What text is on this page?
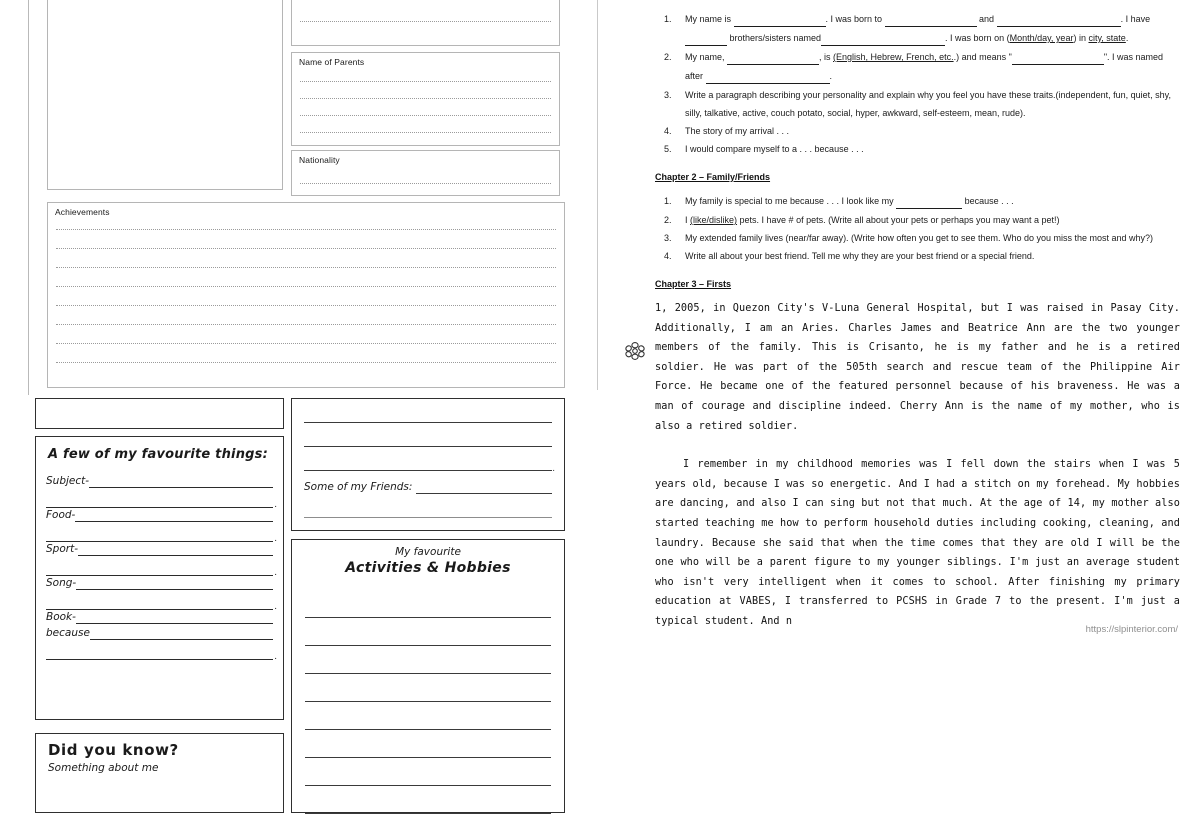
Name of Parents
Nationality
Achievements
A few of my favourite things:
Subject-
.
Food-
.
Sport-
.
Song-
.
Book-
because
.
Did you know?
Something about me
.
Some of my Friends:
.
My favourite
Activities & Hobbies
1.	My name is	. I was born to	and	. I have   brothers/sisters named	. I was born on (Month/day, year) in city, state.
2.	My name,	, is (English, Hebrew, French, etc..) and means "	". I was named after	.
3.	Write a paragraph describing your personality and explain why you feel you have these traits.(independent, fun, quiet, shy, silly, talkative, active, couch potato, social, hyper, awkward, self-esteem, mean, rude).
4.	The story of my arrival . . .
5.	I would compare myself to a . . . because . . .
Chapter 2 – Family/Friends
1.	My family is special to me because . . . I look like my	because . . .
2.	I (like/dislike) pets. I have # of pets. (Write all about your pets or perhaps you may want a pet!)
3.	My extended family lives (near/far away). (Write how often you get to see them. Who do you miss the most and why?)
4.	Write all about your best friend. Tell me why they are your best friend or a special friend.
Chapter 3 – Firsts

1, 2005, in Quezon City's V-Luna General Hospital, but I was raised in Pasay City. Additionally, I am an Aries. Charles James and Beatrice Ann are the two younger members of the family. This is Crisanto, he is my father and he is a retired soldier. He was part of the 505th search and rescue team of the Philippine Air Force. He became one of the featured personnel because of his braveness. He was a man of courage and discipline indeed. Cherry Ann is the name of my mother, who is also a retired soldier.

I remember in my childhood memories was I fell down the stairs when I was 5 years old, because I was so energetic. And I had a stitch on my forehead. My hobbies are dancing, and also I can sing but not that much. At the age of 14, my mother also started teaching me how to perform household duties including cooking, cleaning, and laundry. Because she said that when the time comes that they are old I will be the one who will be a parent figure to my younger siblings. I'm just an average student who isn't very intelligent when it comes to school. After finishing my primary education at VABES, I transferred to PCSHS in Grade 7 to the present. I'm just a typical student. And n

https://slpinterior.com/
